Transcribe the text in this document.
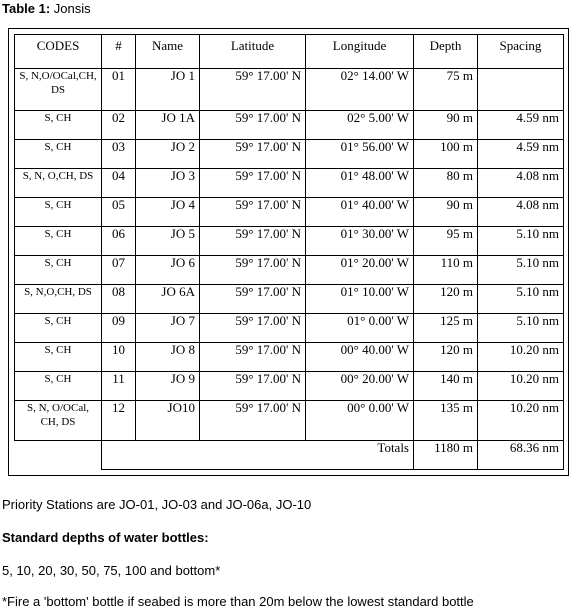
Table 1: Jonsis
CODES	#	Name	Latitude	Longitude	Depth	Spacing
S, N,O/OCal,CH, DS	01	JO 1	59° 17.00' N	02° 14.00' W	75 m	
S, CH	02	JO 1A	59° 17.00' N	02° 5.00' W	90 m	4.59 nm
S, CH	03	JO 2	59° 17.00' N	01° 56.00' W	100 m	4.59 nm
S, N, O,CH, DS	04	JO 3	59° 17.00' N	01° 48.00' W	80 m	4.08 nm
S, CH	05	JO 4	59° 17.00' N	01° 40.00' W	90 m	4.08 nm
S, CH	06	JO 5	59° 17.00' N	01° 30.00' W	95 m	5.10 nm
S, CH	07	JO 6	59° 17.00' N	01° 20.00' W	110 m	5.10 nm
S, N,O,CH, DS	08	JO 6A	59° 17.00' N	01° 10.00' W	120 m	5.10 nm
S, CH	09	JO 7	59° 17.00' N	01° 0.00' W	125 m	5.10 nm
S, CH	10	JO 8	59° 17.00' N	00° 40.00' W	120 m	10.20 nm
S, CH	11	JO 9	59° 17.00' N	00° 20.00' W	140 m	10.20 nm
S, N, O/OCal, CH, DS	12	JO10	59° 17.00' N	00° 0.00' W	135 m	10.20 nm
	Totals				1180 m	68.36 nm
Priority Stations are JO-01, JO-03 and JO-06a, JO-10
Standard depths of water bottles:
5, 10, 20, 30, 50, 75, 100 and bottom*
*Fire a 'bottom' bottle if seabed is more than 20m below the lowest standard bottle
